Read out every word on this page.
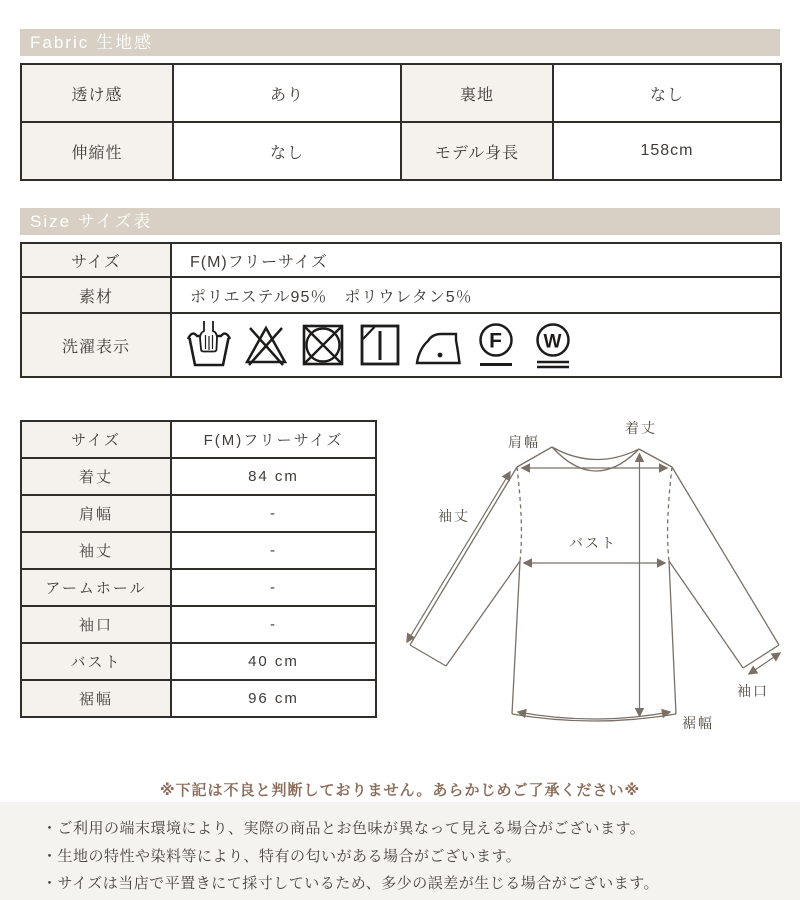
Fabric 生地感
透け感	あり	裏地	なし
伸縮性	なし	モデル身長	158cm
Size サイズ表
サイズ	F(M)フリーサイズ
素材	ポリエステル95％　ポリウレタン5％
洗濯表示	F W
サイズ	F(M)フリーサイズ
着丈	84 cm
肩幅	-
袖丈	-
アームホール	-
袖口	-
バスト	40 cm
裾幅	96 cm
着丈
肩幅
袖丈
バスト
袖口
裾幅
※下記は不良と判断しておりません。あらかじめご了承ください※
・ご利用の端末環境により、実際の商品とお色味が異なって見える場合がございます。
・生地の特性や染料等により、特有の匂いがある場合がございます。
・サイズは当店で平置きにて採寸しているため、多少の誤差が生じる場合がございます。
